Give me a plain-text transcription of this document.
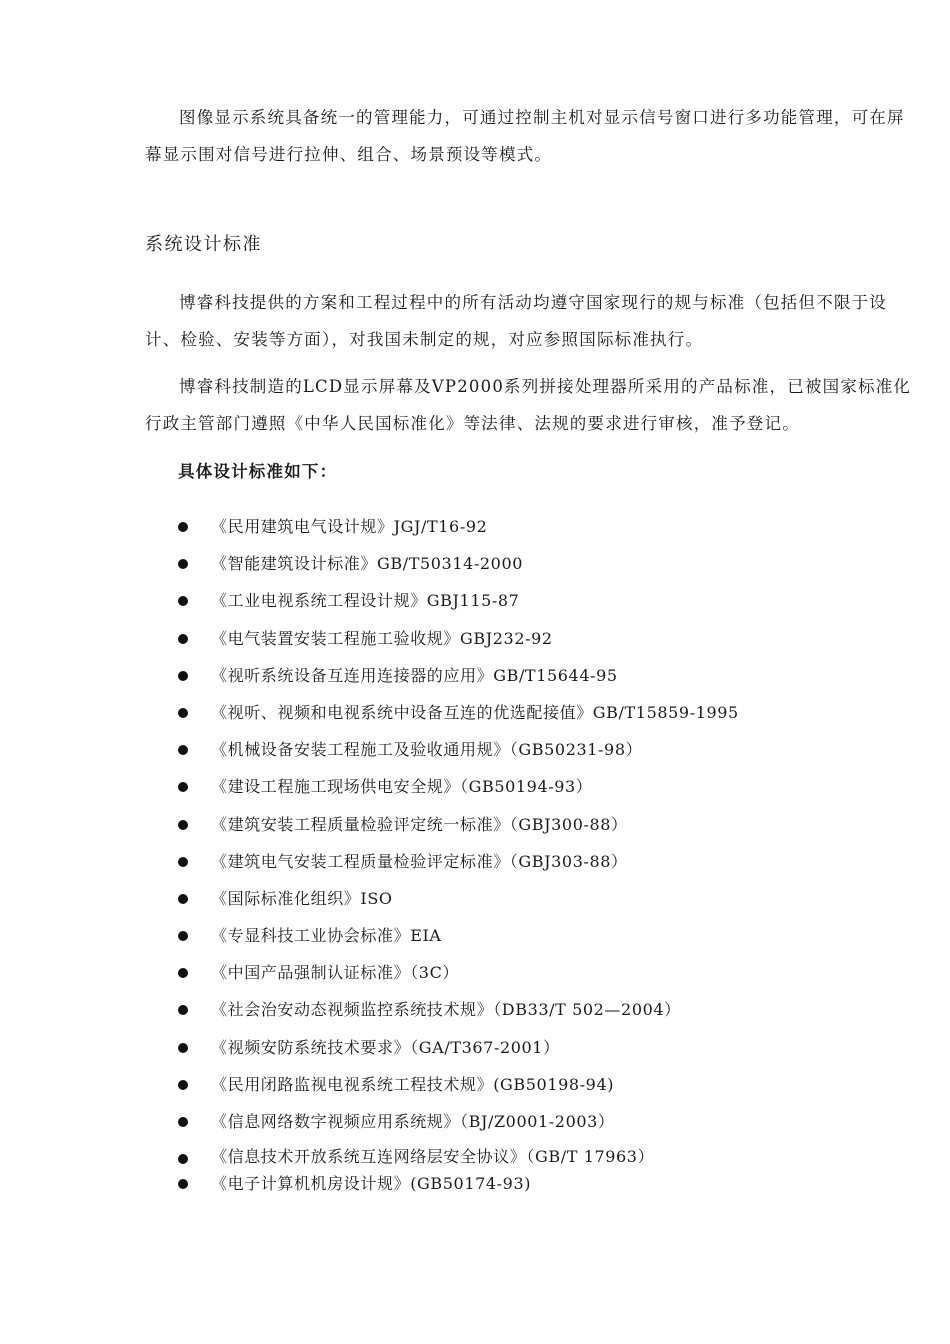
图像显示系统具备统一的管理能力，可通过控制主机对显示信号窗口进行多功能管理，可在屏幕显示围对信号进行拉伸、组合、场景预设等模式。

系统设计标准

博睿科技提供的方案和工程过程中的所有活动均遵守国家现行的规与标准（包括但不限于设计、检验、安装等方面），对我国未制定的规，对应参照国际标准执行。

博睿科技制造的LCD显示屏幕及VP2000系列拼接处理器所采用的产品标准，已被国家标准化行政主管部门遵照《中华人民国标准化》等法律、法规的要求进行审核，准予登记。

具体设计标准如下：
《民用建筑电气设计规》JGJ/T16-92
《智能建筑设计标准》GB/T50314-2000
《工业电视系统工程设计规》GBJ115-87
《电气装置安装工程施工验收规》GBJ232-92
《视听系统设备互连用连接器的应用》GB/T15644-95
《视听、视频和电视系统中设备互连的优选配接值》GB/T15859-1995
《机械设备安装工程施工及验收通用规》（GB50231-98）
《建设工程施工现场供电安全规》（GB50194-93）
《建筑安装工程质量检验评定统一标准》（GBJ300-88）
《建筑电气安装工程质量检验评定标准》（GBJ303-88）
《国际标准化组织》ISO
《专显科技工业协会标准》EIA
《中国产品强制认证标准》（3C）
《社会治安动态视频监控系统技术规》（DB33/T 502—2004）
《视频安防系统技术要求》（GA/T367-2001）
《民用闭路监视电视系统工程技术规》(GB50198-94)
《信息网络数字视频应用系统规》（BJ/Z0001-2003）
《信息技术开放系统互连网络层安全协议》（GB/T 17963）
《电子计算机机房设计规》(GB50174-93)
